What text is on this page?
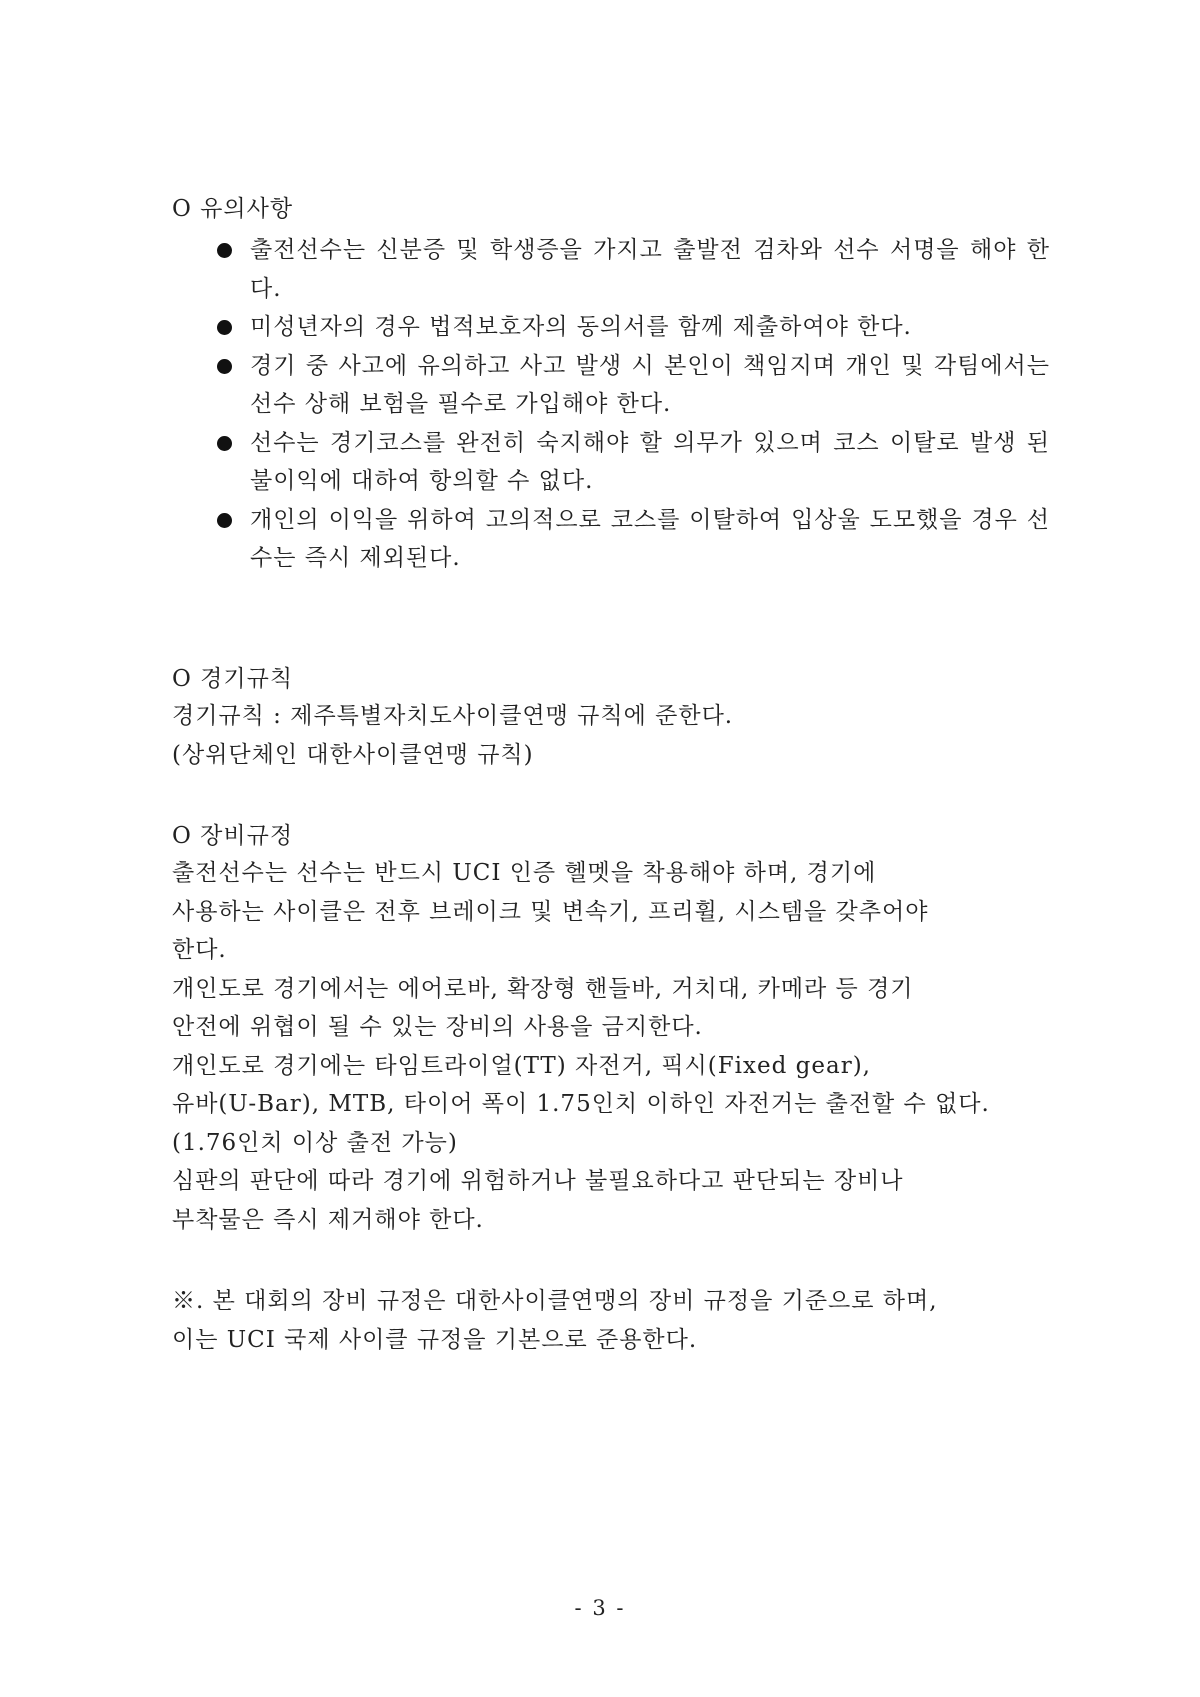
O 유의사항
출전선수는 신분증 및 학생증을 가지고 출발전 검차와 선수 서명을 해야 한다.
미성년자의 경우 법적보호자의 동의서를 함께 제출하여야 한다.
경기 중 사고에 유의하고 사고 발생 시 본인이 책임지며 개인 및 각팀에서는 선수 상해 보험을 필수로 가입해야 한다.
선수는 경기코스를 완전히 숙지해야 할 의무가 있으며 코스 이탈로 발생 된 불이익에 대하여 항의할 수 없다.
개인의 이익을 위하여 고의적으로 코스를 이탈하여 입상울 도모했을 경우 선수는 즉시 제외된다.
O 경기규칙
경기규칙 : 제주특별자치도사이클연맹 규칙에 준한다.
(상위단체인 대한사이클연맹 규칙)
O 장비규정
출전선수는 선수는 반드시 UCI 인증 헬멧을 착용해야 하며, 경기에
사용하는 사이클은 전후 브레이크 및 변속기, 프리휠, 시스템을 갖추어야
한다.
개인도로 경기에서는 에어로바, 확장형 핸들바, 거치대, 카메라 등 경기
안전에 위협이 될 수 있는 장비의 사용을 금지한다.
개인도로 경기에는 타임트라이얼(TT) 자전거, 픽시(Fixed gear),
유바(U-Bar), MTB, 타이어 폭이 1.75인치 이하인 자전거는 출전할 수 없다.
(1.76인치 이상 출전 가능)
심판의 판단에 따라 경기에 위험하거나 불필요하다고 판단되는 장비나
부착물은 즉시 제거해야 한다.
※. 본 대회의 장비 규정은 대한사이클연맹의 장비 규정을 기준으로 하며,
이는 UCI 국제 사이클 규정을 기본으로 준용한다.
- 3 -
